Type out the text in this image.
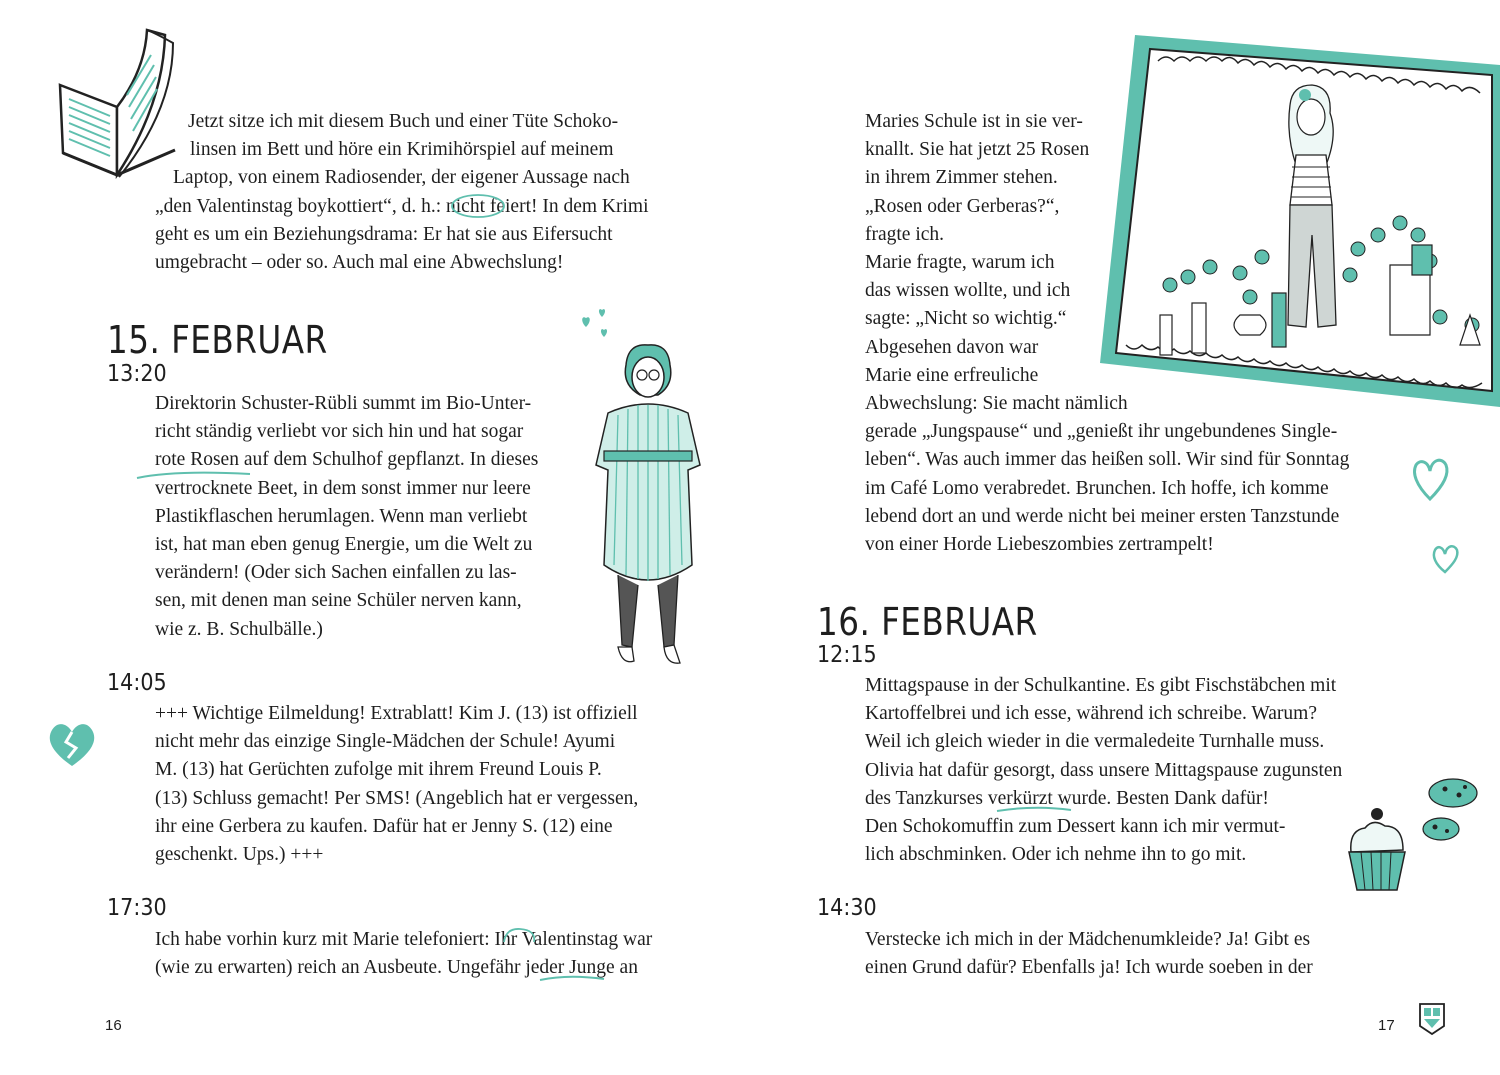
Jetzt sitze ich mit diesem Buch und einer Tüte Schoko-
linsen im Bett und höre ein Krimihörspiel auf meinem
Laptop, von einem Radiosender, der eigener Aussage nach
„den Valentinstag boykottiert“, d. h.: nicht feiert! In dem Krimi
geht es um ein Beziehungsdrama: Er hat sie aus Eifersucht
umgebracht – oder so. Auch mal eine Abwechslung!
15. FEBRUAR
13:20
Direktorin Schuster-Rübli summt im Bio-Unter-
richt ständig verliebt vor sich hin und hat sogar
rote Rosen auf dem Schulhof gepflanzt. In dieses
vertrocknete Beet, in dem sonst immer nur leere
Plastikflaschen herumlagen. Wenn man verliebt
ist, hat man eben genug Energie, um die Welt zu
verändern! (Oder sich Sachen einfallen zu las-
sen, mit denen man seine Schüler nerven kann,
wie z. B. Schulbälle.)
14:05
+++ Wichtige Eilmeldung! Extrablatt! Kim J. (13) ist offiziell
nicht mehr das einzige Single-Mädchen der Schule! Ayumi
M. (13) hat Gerüchten zufolge mit ihrem Freund Louis P.
(13) Schluss gemacht! Per SMS! (Angeblich hat er vergessen,
ihr eine Gerbera zu kaufen. Dafür hat er Jenny S. (12) eine
geschenkt. Ups.) +++
17:30
Ich habe vorhin kurz mit Marie telefoniert: Ihr Valentinstag war
(wie zu erwarten) reich an Ausbeute. Ungefähr jeder Junge an
16
Maries Schule ist in sie ver-
knallt. Sie hat jetzt 25 Rosen
in ihrem Zimmer stehen.
„Rosen oder Gerberas?“,
fragte ich.
Marie fragte, warum ich
das wissen wollte, und ich
sagte: „Nicht so wichtig.“
Abgesehen davon war
Marie eine erfreuliche
Abwechslung: Sie macht nämlich
gerade „Jungspause“ und „genießt ihr ungebundenes Single-
leben“. Was auch immer das heißen soll. Wir sind für Sonntag
im Café Lomo verabredet. Brunchen. Ich hoffe, ich komme
lebend dort an und werde nicht bei meiner ersten Tanzstunde
von einer Horde Liebeszombies zertrampelt!
16. FEBRUAR
12:15
Mittagspause in der Schulkantine. Es gibt Fischstäbchen mit
Kartoffelbrei und ich esse, während ich schreibe. Warum?
Weil ich gleich wieder in die vermaledeite Turnhalle muss.
Olivia hat dafür gesorgt, dass unsere Mittagspause zugunsten
des Tanzkurses verkürzt wurde. Besten Dank dafür!
Den Schokomuffin zum Dessert kann ich mir vermut-
lich abschminken. Oder ich nehme ihn to go mit.
14:30
Verstecke ich mich in der Mädchenumkleide? Ja! Gibt es
einen Grund dafür? Ebenfalls ja! Ich wurde soeben in der
17
